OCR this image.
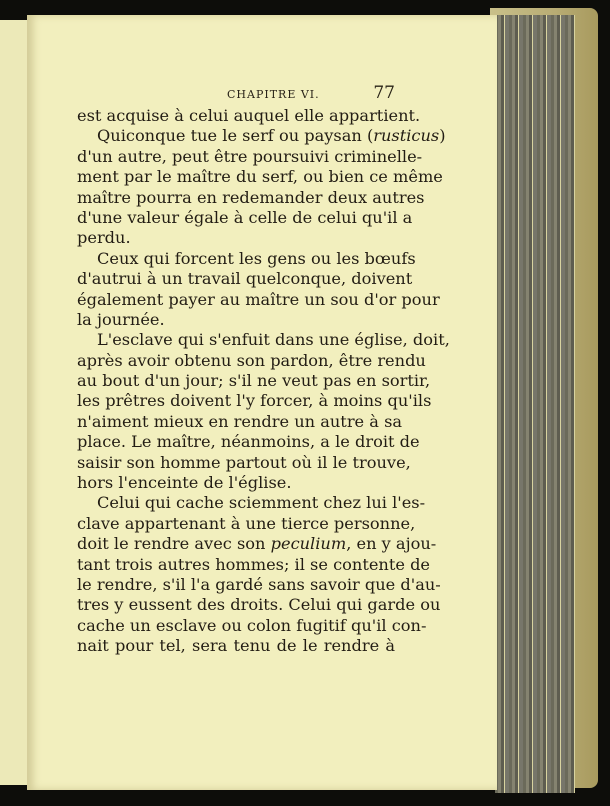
CHAPITRE VI.	77
est acquise à celui auquel elle appartient.
Quiconque tue le serf ou paysan (rusticus)
d'un autre, peut être poursuivi criminelle-
ment par le maître du serf, ou bien ce même
maître pourra en redemander deux autres
d'une valeur égale à celle de celui qu'il a
perdu.
Ceux qui forcent les gens ou les bœufs
d'autrui à un travail quelconque, doivent
également payer au maître un sou d'or pour
la journée.
L'esclave qui s'enfuit dans une église, doit,
après avoir obtenu son pardon, être rendu
au bout d'un jour; s'il ne veut pas en sortir,
les prêtres doivent l'y forcer, à moins qu'ils
n'aiment mieux en rendre un autre à sa
place. Le maître, néanmoins, a le droit de
saisir son homme partout où il le trouve,
hors l'enceinte de l'église.
Celui qui cache sciemment chez lui l'es-
clave appartenant à une tierce personne,
doit le rendre avec son peculium, en y ajou-
tant trois autres hommes; il se contente de
le rendre, s'il l'a gardé sans savoir que d'au-
tres y eussent des droits. Celui qui garde ou
cache un esclave ou colon fugitif qu'il con-
nait pour tel, sera tenu de le rendre à
